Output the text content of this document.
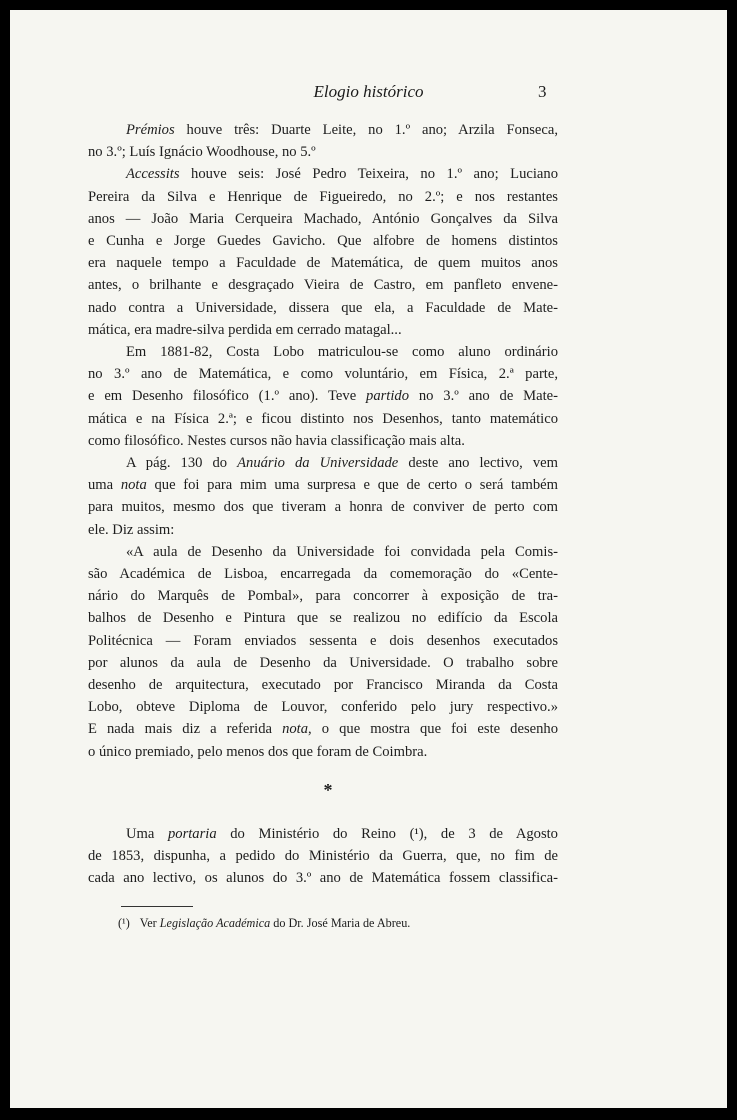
Elogio histórico	3
Prémios houve três: Duarte Leite, no 1.º ano; Arzila Fonseca,
no 3.º; Luís Ignácio Woodhouse, no 5.º
Accessits houve seis: José Pedro Teixeira, no 1.º ano; Luciano
Pereira da Silva e Henrique de Figueiredo, no 2.º; e nos restantes
anos — João Maria Cerqueira Machado, António Gonçalves da Silva
e Cunha e Jorge Guedes Gavicho. Que alfobre de homens distintos
era naquele tempo a Faculdade de Matemática, de quem muitos anos
antes, o brilhante e desgraçado Vieira de Castro, em panfleto envene-
nado contra a Universidade, dissera que ela, a Faculdade de Mate-
mática, era madre-silva perdida em cerrado matagal...
Em 1881-82, Costa Lobo matriculou-se como aluno ordinário
no 3.º ano de Matemática, e como voluntário, em Física, 2.ª parte,
e em Desenho filosófico (1.º ano). Teve partido no 3.º ano de Mate-
mática e na Física 2.ª; e ficou distinto nos Desenhos, tanto matemático
como filosófico. Nestes cursos não havia classificação mais alta.
A pág. 130 do Anuário da Universidade deste ano lectivo, vem
uma nota que foi para mim uma surpresa e que de certo o será também
para muitos, mesmo dos que tiveram a honra de conviver de perto com
ele. Diz assim:
«A aula de Desenho da Universidade foi convidada pela Comis-
são Académica de Lisboa, encarregada da comemoração do «Cente-
nário do Marquês de Pombal», para concorrer à exposição de tra-
balhos de Desenho e Pintura que se realizou no edifício da Escola
Politécnica — Foram enviados sessenta e dois desenhos executados
por alunos da aula de Desenho da Universidade. O trabalho sobre
desenho de arquitectura, executado por Francisco Miranda da Costa
Lobo, obteve Diploma de Louvor, conferido pelo jury respectivo.»
E nada mais diz a referida nota, o que mostra que foi este desenho
o único premiado, pelo menos dos que foram de Coimbra.
*
Uma portaria do Ministério do Reino (¹), de 3 de Agosto
de 1853, dispunha, a pedido do Ministério da Guerra, que, no fim de
cada ano lectivo, os alunos do 3.º ano de Matemática fossem classifica-
(¹) Ver Legislação Académica do Dr. José Maria de Abreu.
